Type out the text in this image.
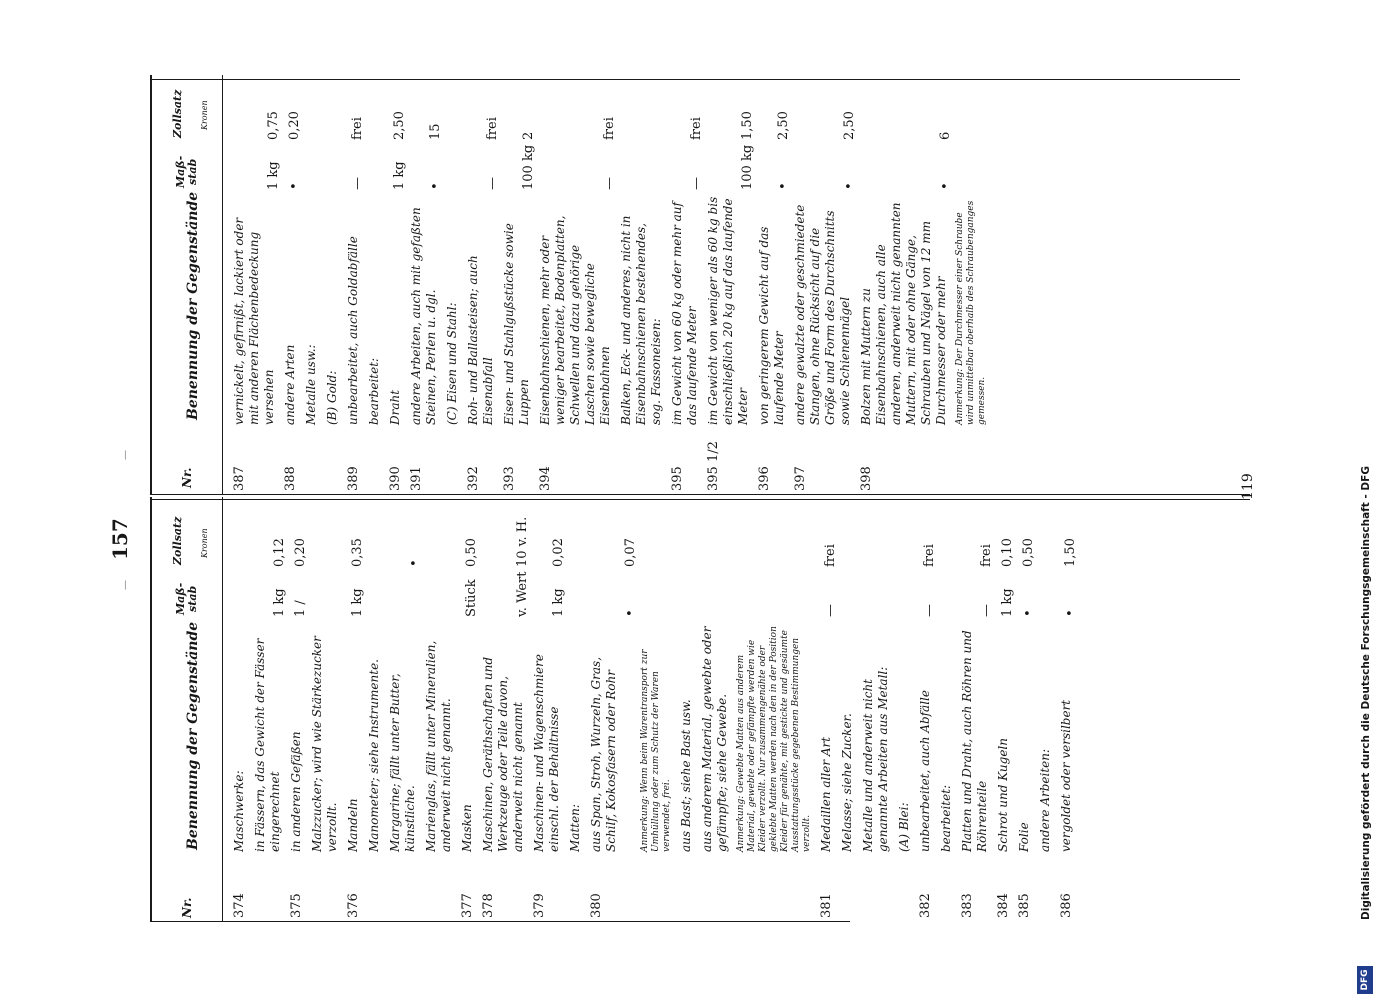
—
157
—
Nr.
Benennung der Gegenstände
Maß-
stab
Zollsatz Kronen
374
Maschwerke: in Fässern, das Gewicht der Fässer eingerechnet
1 kg
0,12
375
in anderen Gefäßen
1 /
0,20
Malzzucker; wird wie Stärkezucker verzollt.
376
Mandeln
1 kg
0,35
Manometer; siehe Instrumente. Margarine; fällt unter Butter, künstliche.
•
Marienglas, fällt unter Mineralien, anderweit nicht genannt.
377
Masken
Stück
0,50
378
Maschinen, Geräthschaften und Werkzeuge oder Teile davon, anderweit nicht genannt
v. Wert
10 v. H.
379
Maschinen- und Wagenschmiere einschl. der Behältnisse
1 kg
0,02
Matten:
380
aus Span, Stroh, Wurzeln, Gras, Schilf, Kokosfasern oder Rohr
•
0,07
Anmerkung: Wenn beim Warentransport zur Umhüllung oder zum Schutz der Waren verwendet, frei. aus Bast; siehe Bast usw. aus anderem Material, gewebte oder gefämpfte; siehe Gewebe. Anmerkung: Gewebte Matten aus anderem Material, gewebte oder gefämpfte werden wie Kleider verzollt. Nur zusammengenähte oder geklebte Matten werden nach den in der Position Kleider für genähte, mit gestickte und gesäumte Ausstattungsstücke gegebenen Bestimmungen verzollt.
381
Medaillen aller Art
—
frei
Melasse; siehe Zucker. Metalle und anderweit nicht genannte Arbeiten aus Metall: (A) Blei:
382
unbearbeitet, auch Abfälle
—
frei
bearbeitet:
383
Platten und Draht, auch Röhren und Röhrenteile
—
frei
384
Schrot und Kugeln
1 kg
0,10
385
Folie
•
0,50
andere Arbeiten:
386
vergoldet oder versilbert
•
1,50
Nr.
Benennung der Gegenstände
Maß-
stab
Zollsatz Kronen
387
vernickelt, gefirnißt, lackiert oder mit anderen Flächenbedeckung versehen
1 kg
0,75
388
andere Arten
•
0,20
Metalle usw.: (B) Gold:
389
unbearbeitet, auch Goldabfälle
—
frei
bearbeitet:
390
Draht
1 kg
2,50
391
andere Arbeiten, auch mit gefaßten Steinen, Perlen u. dgl.
•
15
(C) Eisen und Stahl:
392
Roh- und Ballasteisen; auch Eisenabfall
—
frei
393
Eisen- und Stahlgußstücke sowie Luppen
100 kg
2
394
Eisenbahnschienen, mehr oder weniger bearbeitet, Bodenplatten, Schwellen und dazu gehörige Laschen sowie bewegliche Eisenbahnen
—
frei
Balken, Eck- und anderes, nicht in Eisenbahnschienen bestehendes, sog. Fassoneisen:
395
im Gewicht von 60 kg oder mehr auf das laufende Meter
—
frei
395 1/2
im Gewicht von weniger als 60 kg bis einschließlich 20 kg auf das laufende Meter
100 kg
1,50
396
von geringerem Gewicht auf das laufende Meter
•
2,50
397
andere gewalzte oder geschmiedete Stangen, ohne Rücksicht auf die Größe und Form des Durchschnitts sowie Schienennägel
•
2,50
398
Bolzen mit Muttern zu Eisenbahnschienen, auch alle anderen, anderweit nicht genannten Muttern, mit oder ohne Gänge, Schrauben und Nägel von 12 mm Durchmesser oder mehr
•
6
Anmerkung: Der Durchmesser einer Schraube wird unmittelbar oberhalb des Schraubenganges gemessen.
119	Digitalisierung gefördert durch die Deutsche Forschungsgemeinschaft - DFG
DFG
